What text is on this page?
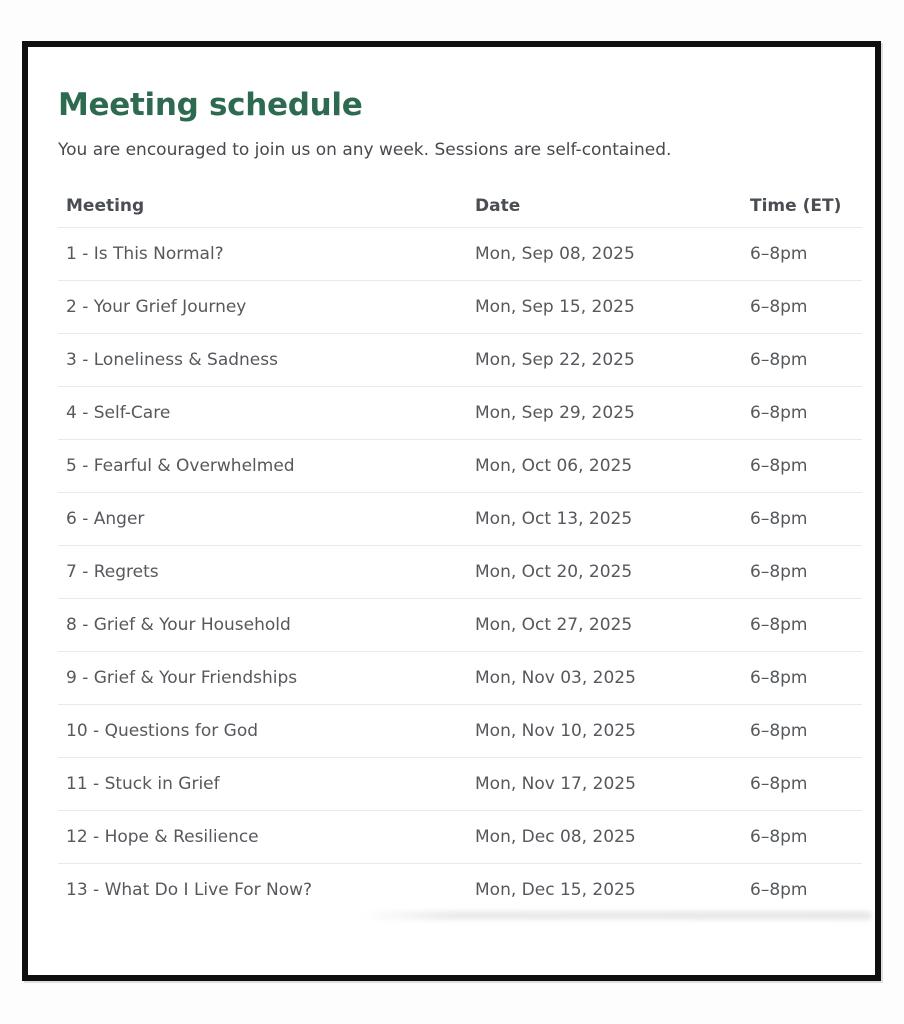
Meeting schedule

You are encouraged to join us on any week. Sessions are self-contained.

Meeting	Date	Time (ET)
1 - Is This Normal?	Mon, Sep 08, 2025	6–8pm
2 - Your Grief Journey	Mon, Sep 15, 2025	6–8pm
3 - Loneliness & Sadness	Mon, Sep 22, 2025	6–8pm
4 - Self-Care	Mon, Sep 29, 2025	6–8pm
5 - Fearful & Overwhelmed	Mon, Oct 06, 2025	6–8pm
6 - Anger	Mon, Oct 13, 2025	6–8pm
7 - Regrets	Mon, Oct 20, 2025	6–8pm
8 - Grief & Your Household	Mon, Oct 27, 2025	6–8pm
9 - Grief & Your Friendships	Mon, Nov 03, 2025	6–8pm
10 - Questions for God	Mon, Nov 10, 2025	6–8pm
11 - Stuck in Grief	Mon, Nov 17, 2025	6–8pm
12 - Hope & Resilience	Mon, Dec 08, 2025	6–8pm
13 - What Do I Live For Now?	Mon, Dec 15, 2025	6–8pm
